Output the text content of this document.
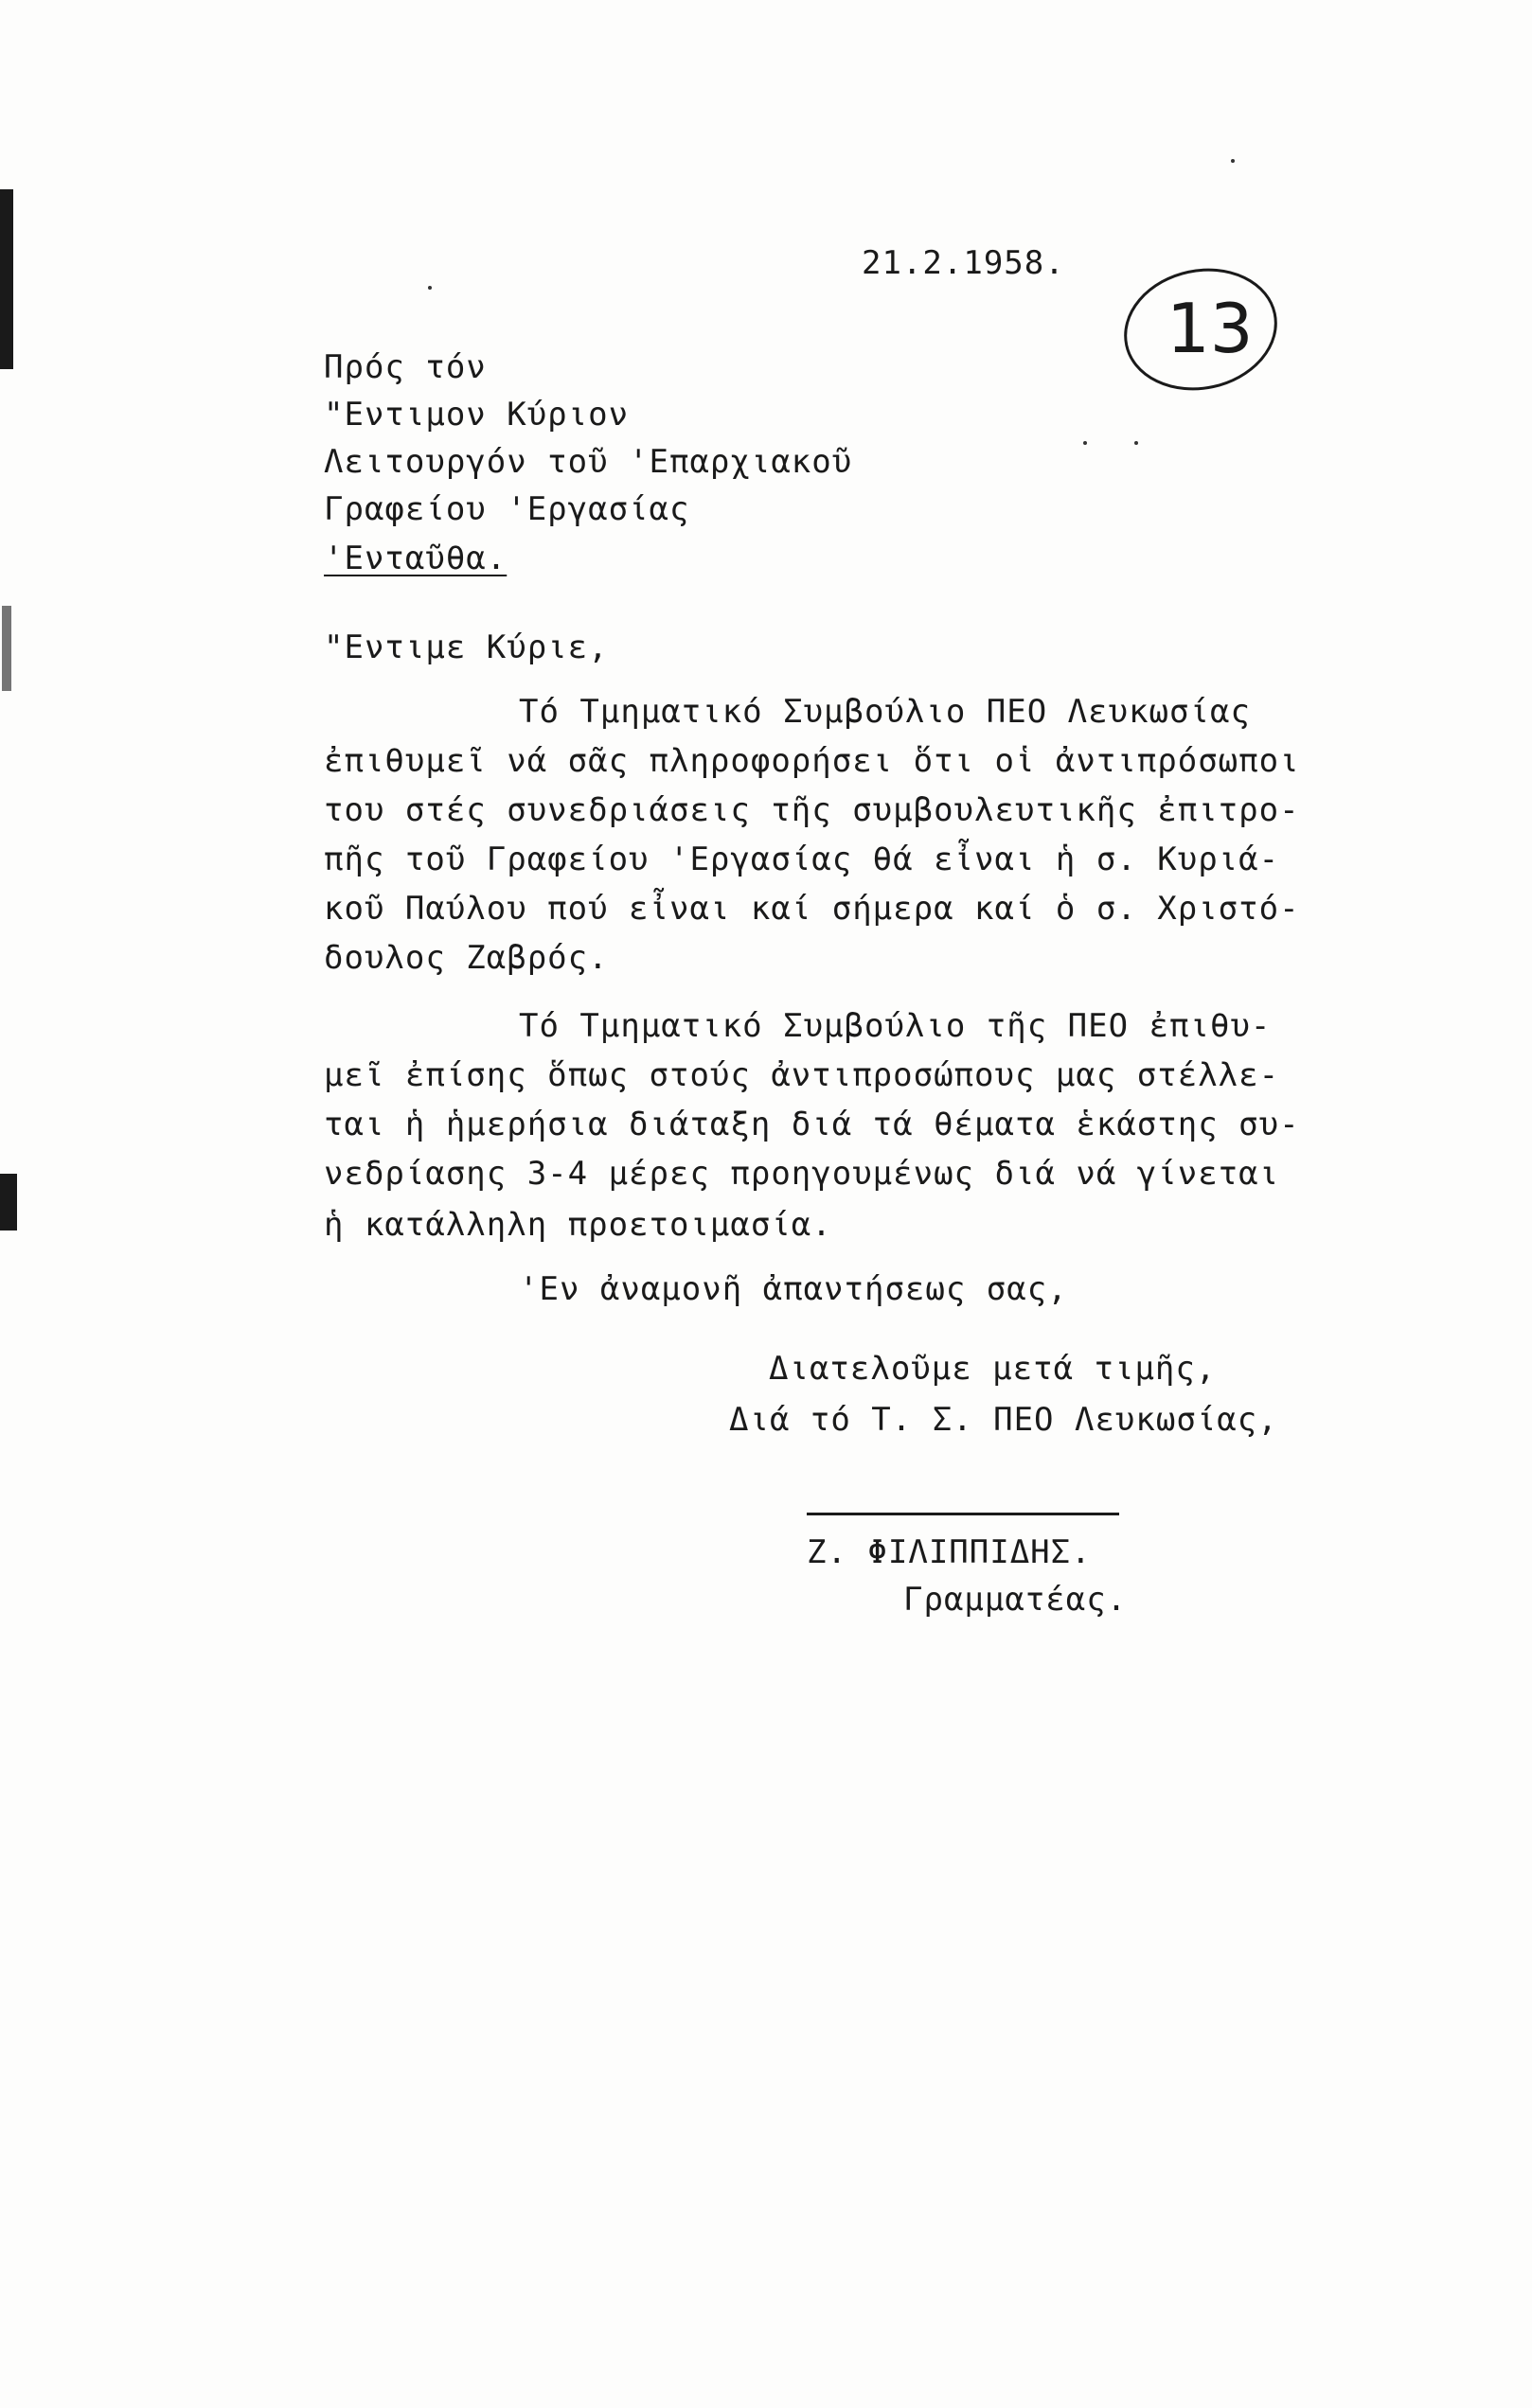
21.2.1958.
13
Πρός τόν
"Εντιμον Κύριον
Λειτουργόν τοῦ 'Επαρχιακοῦ
Γραφείου 'Εργασίας
'Ενταῦθα.
"Εντιμε Κύριε,
Τό Τμηματικό Συμβούλιο ΠΕΟ Λευκωσίας
ἐπιθυμεῖ νά σᾶς πληροφορήσει ὅτι οἱ ἀντιπρόσωποι
του στές συνεδριάσεις τῆς συμβουλευτικῆς ἐπιτρο-
πῆς τοῦ Γραφείου 'Εργασίας θά εἶναι ἡ σ. Κυριά-
κοῦ Παύλου πού εἶναι καί σήμερα καί ὁ σ. Χριστό-
δουλος Ζαβρός.
Τό Τμηματικό Συμβούλιο τῆς ΠΕΟ ἐπιθυ-
μεῖ ἐπίσης ὅπως στούς ἀντιπροσώπους μας στέλλε-
ται ἡ ἡμερήσια διάταξη διά τά θέματα ἑκάστης συ-
νεδρίασης 3-4 μέρες προηγουμένως διά νά γίνεται
ἡ κατάλληλη προετοιμασία.
'Εν ἀναμονῆ ἀπαντήσεως σας,
Διατελοῦμε μετά τιμῆς,
Διά τό Τ. Σ. ΠΕΟ Λευκωσίας,
Ζ. ΦΙΛΙΠΠΙΔΗΣ.
Γραμματέας.
